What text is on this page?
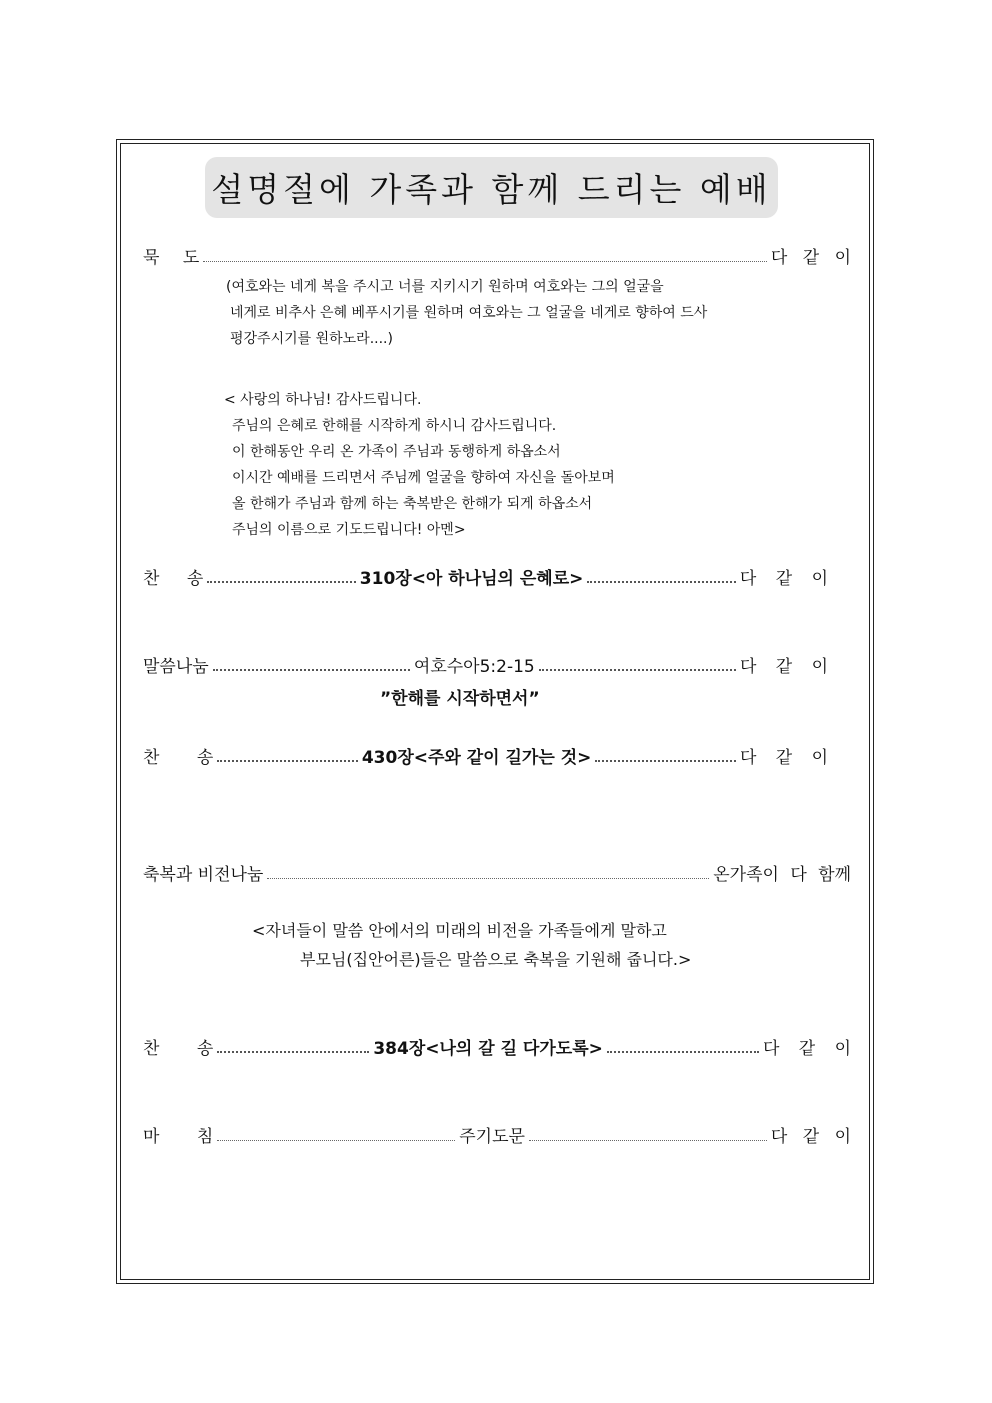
설명절에 가족과 함께 드리는 예배
묵 도	다 같 이
(여호와는 네게 복을 주시고 너를 지키시기 원하며 여호와는 그의 얼굴을
네게로 비추사 은혜 베푸시기를 원하며 여호와는 그 얼굴을 네게로 향하여 드사
평강주시기를 원하노라....)
< 사랑의 하나님! 감사드립니다.
주님의 은혜로 한해를 시작하게 하시니 감사드립니다.
이 한해동안 우리 온 가족이 주님과 동행하게 하옵소서
이시간 예배를 드리면서 주님께 얼굴을 향하여 자신을 돌아보며
올 한해가 주님과 함께 하는 축복받은 한해가 되게 하옵소서
주님의 이름으로 기도드립니다! 아멘>
찬 송	310장<아 하나님의 은혜로>	다 같 이
말씀나눔	여호수아5:2-15	다 같 이
”한해를 시작하면서”
찬 송	430장<주와 같이 길가는 것>	다 같 이
축복과 비전나눔	온가족이 다 함께
<자녀들이 말씀 안에서의 미래의 비전을 가족들에게 말하고
부모님(집안어른)들은 말씀으로 축복을 기원해 줍니다.>
찬 송	384장<나의 갈 길 다가도록>	다 같 이
마 침	주기도문	다 같 이
